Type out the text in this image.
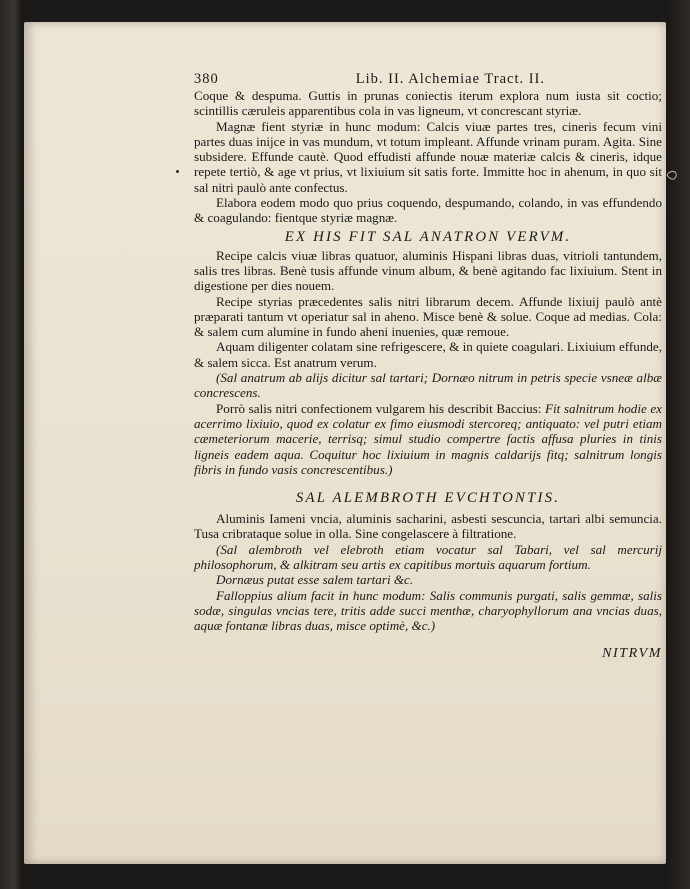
380	Lib. II. Alchemiae Tract. II.

Coque & despuma. Guttis in prunas coniectis iterum explora num iusta sit coctio; scintillis cæruleis apparentibus cola in vas ligneum, vt concrescant styriæ.

Magnæ fient styriæ in hunc modum: Calcis viuæ partes tres, cineris fecum vini partes duas inijce in vas mundum, vt totum impleant. Affunde vrinam puram. Agita. Sine subsidere. Effunde cautè. Quod effudisti affunde nouæ materiæ calcis & cineris, idque repete tertiò, & age vt prius, vt lixiuium sit satis forte. Immitte hoc in ahenum, in quo sit sal nitri paulò ante confectus.

Elabora eodem modo quo prius coquendo, despumando, colando, in vas effundendo & coagulando: fientque styriæ magnæ.

EX HIS FIT SAL ANATRON VERVM.

Recipe calcis viuæ libras quatuor, aluminis Hispani libras duas, vitrioli tantundem, salis tres libras. Benè tusis affunde vinum album, & benè agitando fac lixiuium. Stent in digestione per dies nouem.

Recipe styrias præcedentes salis nitri librarum decem. Affunde lixiuij paulò antè præparati tantum vt operiatur sal in aheno. Misce benè & solue. Coque ad medias. Cola: & salem cum alumine in fundo aheni inuenies, quæ remoue.

Aquam diligenter colatam sine refrigescere, & in quiete coagulari. Lixiuium effunde, & salem sicca. Est anatrum verum.

(Sal anatrum ab alijs dicitur sal tartari; Dornæo nitrum in petris specie vsneæ albæ concrescens.

Porrò salis nitri confectionem vulgarem his describit Baccius: Fit salnitrum hodie ex acerrimo lixiuio, quod ex colatur ex fimo eiusmodi stercoreq; antiquato: vel putri etiam cæmeteriorum macerie, terrisq; simul studio compertre factis affusa pluries in tinis ligneis eadem aqua. Coquitur hoc lixiuium in magnis caldarijs fitq; salnitrum longis fibris in fundo vasis concrescentibus.)

SAL ALEMBROTH EVCHTONTIS.

Aluminis Iameni vncia, aluminis sacharini, asbesti sescuncia, tartari albi semuncia. Tusa cribrataque solue in olla. Sine congelascere à filtratione.

(Sal alembroth vel elebroth etiam vocatur sal Tabari, vel sal mercurij philosophorum, & alkitram seu artis ex capitibus mortuis aquarum fortium.

Dornæus putat esse salem tartari &c.

Falloppius alium facit in hunc modum: Salis communis purgati, salis gemmæ, salis sodæ, singulas vncias tere, tritis adde succi menthæ, charyophyllorum ana vncias duas, aquæ fontanæ libras duas, misce optimè, &c.)

NITRVM
